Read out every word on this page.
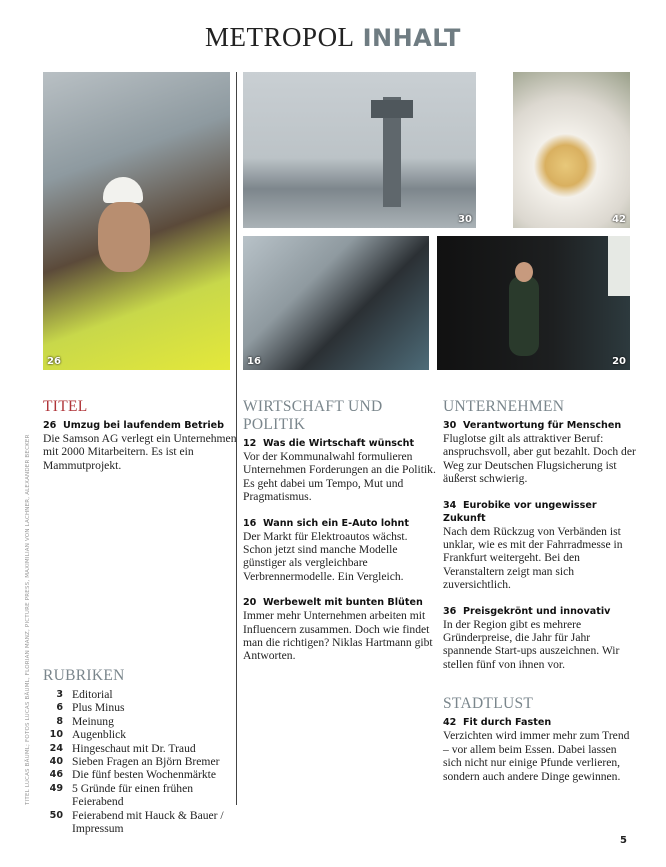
METROPOL INHALT
26
30	42
16	20
TITEL
26 Umzug bei laufendem Betrieb
Die Samson AG verlegt ein Unternehmen mit 2000 Mitarbeitern. Es ist ein Mammutprojekt.
RUBRIKEN
3 Editorial
6 Plus Minus
8 Meinung
10 Augenblick
24 Hingeschaut mit Dr. Traud
40 Sieben Fragen an Björn Bremer
46 Die fünf besten Wochenmärkte
49 5 Gründe für einen frühen Feierabend
50 Feierabend mit Hauck & Bauer / Impressum
WIRTSCHAFT UND POLITIK
12 Was die Wirtschaft wünscht
Vor der Kommunalwahl formulieren Unternehmen Forderungen an die Politik. Es geht dabei um Tempo, Mut und Pragmatismus.
16 Wann sich ein E-Auto lohnt
Der Markt für Elektroautos wächst. Schon jetzt sind manche Modelle günstiger als vergleichbare Verbrennermodelle. Ein Vergleich.
20 Werbewelt mit bunten Blüten
Immer mehr Unternehmen arbeiten mit Influencern zusammen. Doch wie findet man die richtigen? Niklas Hartmann gibt Antworten.
UNTERNEHMEN
30 Verantwortung für Menschen
Fluglotse gilt als attraktiver Beruf: anspruchsvoll, aber gut bezahlt. Doch der Weg zur Deutschen Flugsicherung ist äußerst schwierig.
34 Eurobike vor ungewisser Zukunft
Nach dem Rückzug von Verbänden ist unklar, wie es mit der Fahrradmesse in Frankfurt weitergeht. Bei den Veranstaltern zeigt man sich zuversichtlich.
36 Preisgekrönt und innovativ
In der Region gibt es mehrere Gründerpreise, die Jahr für Jahr spannende Start-ups auszeichnen. Wir stellen fünf von ihnen vor.
STADTLUST
42 Fit durch Fasten
Verzichten wird immer mehr zum Trend – vor allem beim Essen. Dabei lassen sich nicht nur einige Pfunde verlieren, sondern auch andere Dinge gewinnen.
TITEL LUCAS BÄUML; FOTOS LUCAS BÄUML, FLORIAN MANZ, PICTURE PRESS, MAXIMILIAN VON LACHNER, ALEXANDER BECKER
5
